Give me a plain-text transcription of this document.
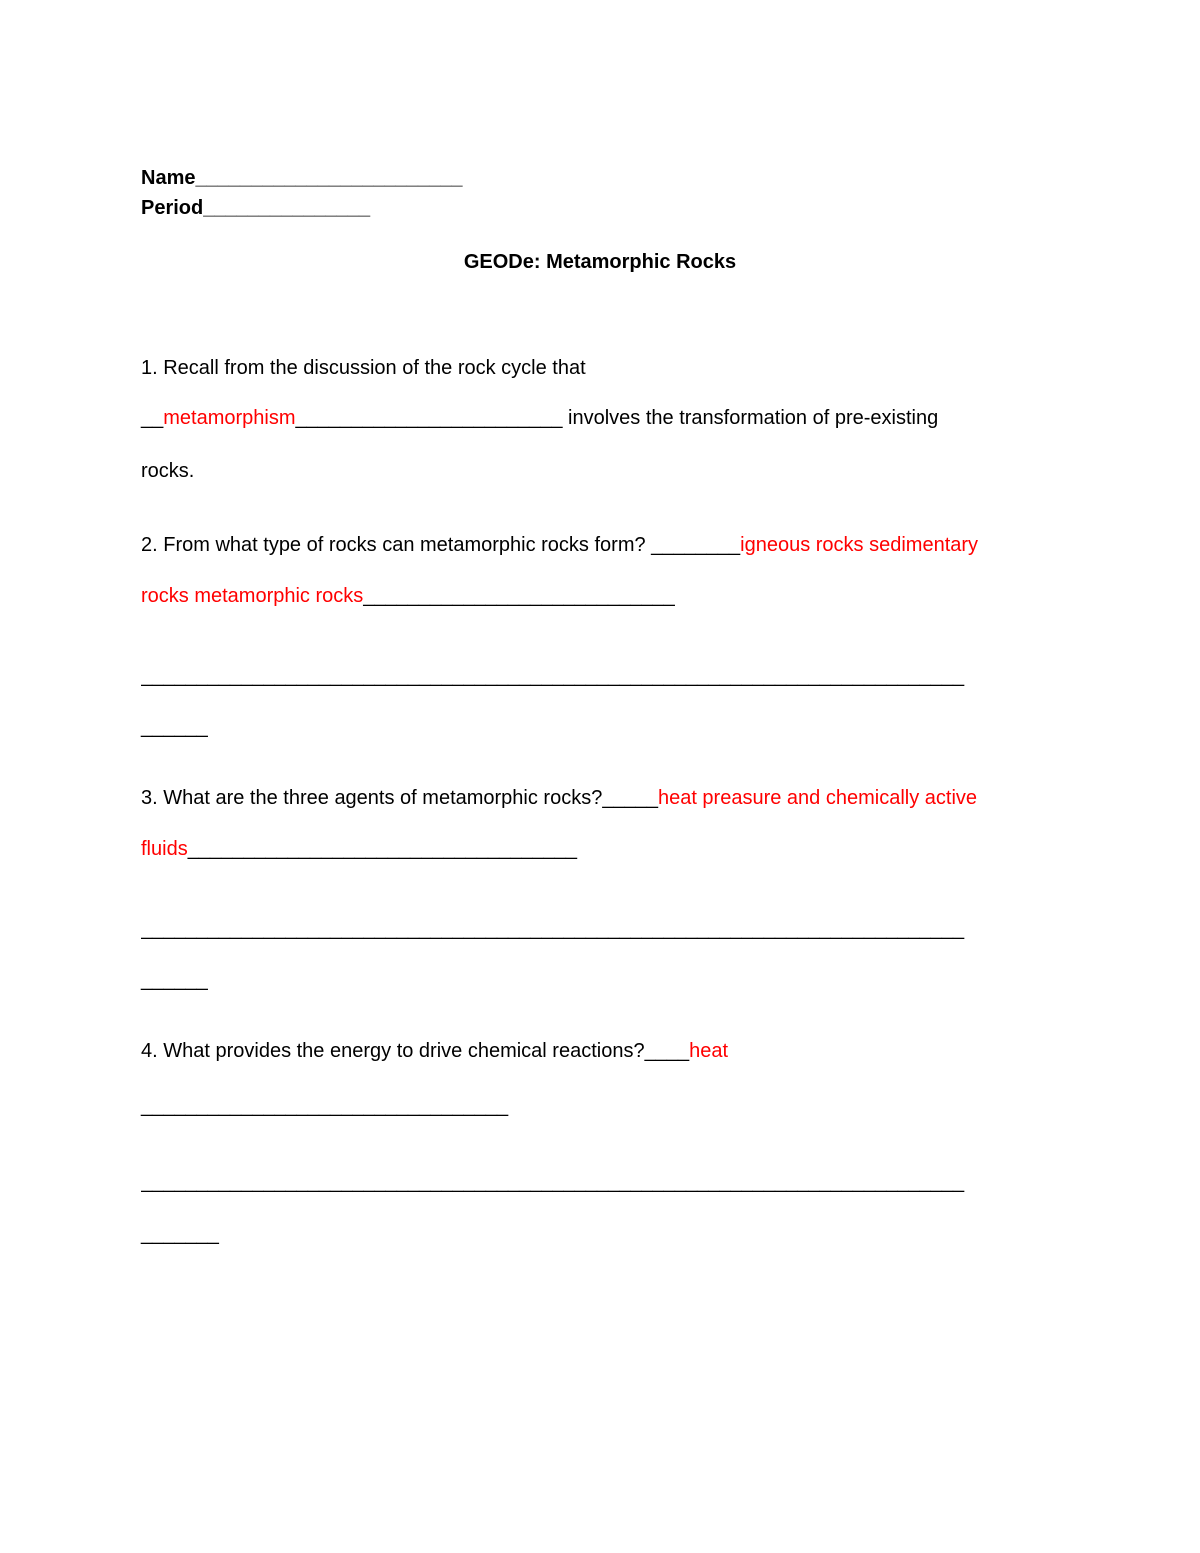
Name________________________
Period_______________
GEODe: Metamorphic Rocks
1. Recall from the discussion of the rock cycle that
__metamorphism________________________ involves the transformation of pre-existing
rocks.
2. From what type of rocks can metamorphic rocks form? ________igneous rocks sedimentary
rocks metamorphic rocks____________________________
__________________________________________________________________________
______
3. What are the three agents of metamorphic rocks?_____heat preasure and chemically active
fluids___________________________________
__________________________________________________________________________
______
4. What provides the energy to drive chemical reactions?____heat
_________________________________
__________________________________________________________________________
_______
